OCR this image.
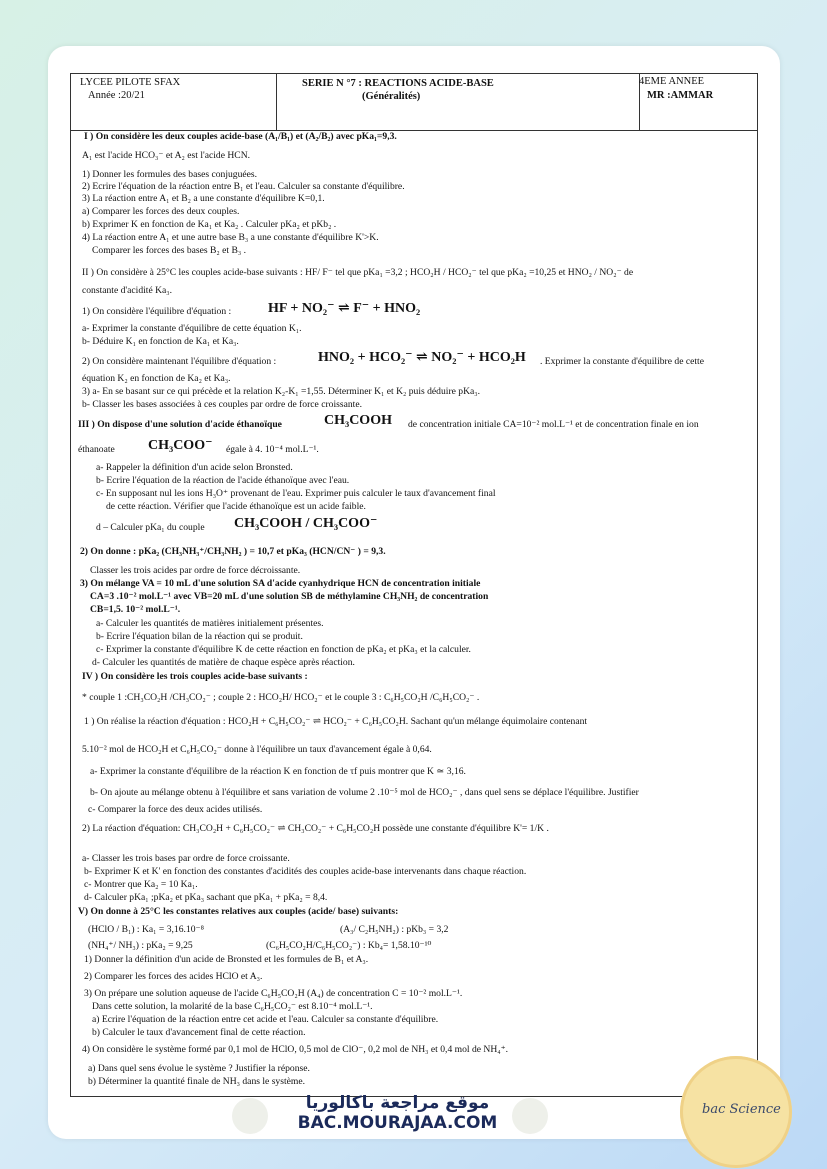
LYCEE PILOTE SFAX
Année :20/21
SERIE N °7 : REACTIONS ACIDE-BASE
(Généralités)
4EME ANNEE
MR :AMMAR
I ) On considère les deux couples acide-base (A₁/B₁) et (A₂/B₂) avec pKa₁=9,3.
A₁ est l'acide HCO₃⁻ et A₂ est l'acide HCN.
1) Donner les formules des bases conjuguées.
2) Ecrire l'équation de la réaction entre B₁ et l'eau. Calculer sa constante d'équilibre.
3) La réaction entre A₁ et B₂ a une constante d'équilibre K=0,1.
a) Comparer les forces des deux couples.
b) Exprimer K en fonction de Ka₁ et Ka₂ . Calculer pKa₂ et pKb₂ .
4) La réaction entre A₁ et une autre base B₃ a une constante d'équilibre K'>K.
Comparer les forces des bases B₂ et B₃ .
II ) On considère à 25°C les couples acide-base suivants : HF/ F⁻ tel que pKa₁ =3,2 ; HCO₂H / HCO₂⁻ tel que pKa₂ =10,25 et HNO₂ / NO₂⁻ de
constante d'acidité Ka₃.
1) On considère l'équilibre d'équation :	HF + NO₂⁻ ⇌ F⁻ + HNO₂
a- Exprimer la constante d'équilibre de cette équation K₁.
b- Déduire K₁ en fonction de Ka₁ et Ka₃.
2) On considère maintenant l'équilibre d'équation :	HNO₂ + HCO₂⁻ ⇌ NO₂⁻ + HCO₂H . Exprimer la constante d'équilibre de cette
équation K₂ en fonction de Ka₂ et Ka₃.
3) a- En se basant sur ce qui précède et la relation K₂-K₁ =1,55. Déterminer K₁ et K₂ puis déduire pKa₃.
b- Classer les bases associées à ces couples par ordre de force croissante.
III ) On dispose d'une solution d'acide éthanoïque	CH₃COOH de concentration initiale CA=10⁻² mol.L⁻¹ et de concentration finale en ion
éthanoate CH₃COO⁻ égale à 4. 10⁻⁴ mol.L⁻¹.
a- Rappeler la définition d'un acide selon Bronsted.
b- Ecrire l'équation de la réaction de l'acide éthanoïque avec l'eau.
c- En supposant nul les ions H₃O⁺ provenant de l'eau. Exprimer puis calculer le taux d'avancement final
de cette réaction. Vérifier que l'acide éthanoïque est un acide faible.
d – Calculer pKa₁ du couple CH₃COOH / CH₃COO⁻
2) On donne : pKa₂ (CH₃NH₃⁺/CH₃NH₂ ) = 10,7 et pKa₃ (HCN/CN⁻ ) = 9,3.
Classer les trois acides par ordre de force décroissante.
3) On mélange VA = 10 mL d'une solution SA d'acide cyanhydrique HCN de concentration initiale
CA=3 .10⁻² mol.L⁻¹ avec VB=20 mL d'une solution SB de méthylamine CH₃NH₂ de concentration
CB=1,5. 10⁻² mol.L⁻¹.
a- Calculer les quantités de matières initialement présentes.
b- Ecrire l'équation bilan de la réaction qui se produit.
c- Exprimer la constante d'équilibre K de cette réaction en fonction de pKa₂ et pKa₃ et la calculer.
d- Calculer les quantités de matière de chaque espèce après réaction.
IV ) On considère les trois couples acide-base suivants :
* couple 1 :CH₃CO₂H /CH₃CO₂⁻ ; couple 2 : HCO₂H/ HCO₂⁻ et le couple 3 : C₆H₅CO₂H /C₆H₅CO₂⁻ .
1 ) On réalise la réaction d'équation : HCO₂H + C₆H₅CO₂⁻ ⇌ HCO₂⁻ + C₆H₅CO₂H. Sachant qu'un mélange équimolaire contenant
5.10⁻² mol de HCO₂H et C₆H₅CO₂⁻ donne à l'équilibre un taux d'avancement égale à 0,64.
a- Exprimer la constante d'équilibre de la réaction K en fonction de τf puis montrer que K ≃ 3,16.
b- On ajoute au mélange obtenu à l'équilibre et sans variation de volume 2 .10⁻⁵ mol de HCO₂⁻ , dans quel sens se déplace l'équilibre. Justifier
c- Comparer la force des deux acides utilisés.
2) La réaction d'équation: CH₃CO₂H + C₆H₅CO₂⁻ ⇌ CH₃CO₂⁻ + C₆H₅CO₂H possède une constante d'équilibre K'= 1/K .
a- Classer les trois bases par ordre de force croissante.
b- Exprimer K et K' en fonction des constantes d'acidités des couples acide-base intervenants dans chaque réaction.
c- Montrer que Ka₂ = 10 Ka₁.
d- Calculer pKa₁ ;pKa₂ et pKa₃ sachant que pKa₁ + pKa₂ = 8,4.
V) On donne à 25°C les constantes relatives aux couples (acide/ base) suivants:
(HClO / B₁) : Ka₁ = 3,16.10⁻⁸	(A₃/ C₂H₅NH₂) : pKb₃ = 3,2
(NH₄⁺/ NH₃) : pKa₂ = 9,25	(C₆H₅CO₂H/C₆H₅CO₂⁻) : Kb₄= 1,58.10⁻¹⁰
1) Donner la définition d'un acide de Bronsted et les formules de B₁ et A₃.
2) Comparer les forces des acides HClO et A₃.
3) On prépare une solution aqueuse de l'acide C₆H₅CO₂H (A₄) de concentration C = 10⁻² mol.L⁻¹.
Dans cette solution, la molarité de la base C₆H₅CO₂⁻ est 8.10⁻⁴ mol.L⁻¹.
a) Ecrire l'équation de la réaction entre cet acide et l'eau. Calculer sa constante d'équilibre.
b) Calculer le taux d'avancement final de cette réaction.
4) On considère le système formé par 0,1 mol de HClO, 0,5 mol de ClO⁻, 0,2 mol de NH₃ et 0,4 mol de NH₄⁺.
a) Dans quel sens évolue le système ? Justifier la réponse.
b) Déterminer la quantité finale de NH₃ dans le système.
موقع مراجعة باكالوريا
BAC.MOURAJAA.COM
bac Science
